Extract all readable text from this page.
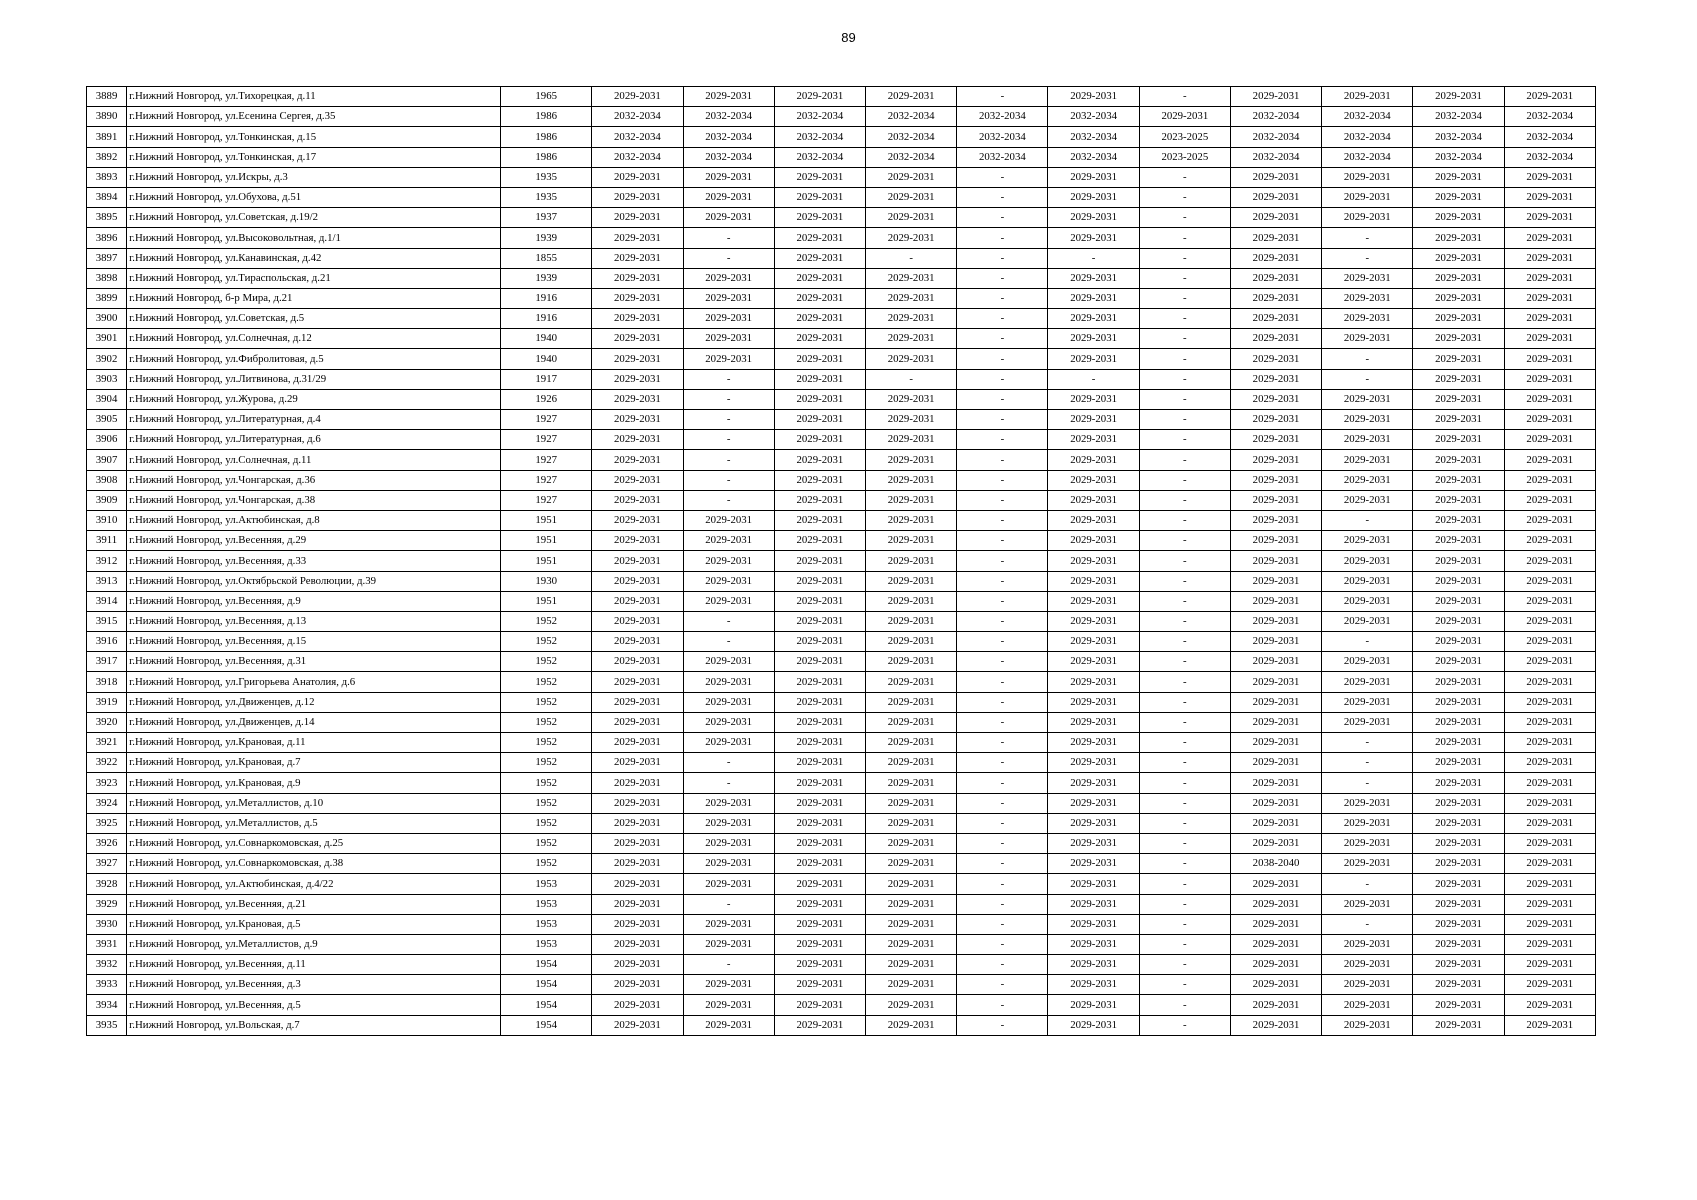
89
3889	г.Нижний Новгород, ул.Тихорецкая, д.11	1965	2029-2031	2029-2031	2029-2031	2029-2031	-	2029-2031	-	2029-2031	2029-2031	2029-2031	2029-2031
3890	г.Нижний Новгород, ул.Есенина Сергея, д.35	1986	2032-2034	2032-2034	2032-2034	2032-2034	2032-2034	2032-2034	2029-2031	2032-2034	2032-2034	2032-2034	2032-2034
3891	г.Нижний Новгород, ул.Тонкинская, д.15	1986	2032-2034	2032-2034	2032-2034	2032-2034	2032-2034	2032-2034	2023-2025	2032-2034	2032-2034	2032-2034	2032-2034
3892	г.Нижний Новгород, ул.Тонкинская, д.17	1986	2032-2034	2032-2034	2032-2034	2032-2034	2032-2034	2032-2034	2023-2025	2032-2034	2032-2034	2032-2034	2032-2034
3893	г.Нижний Новгород, ул.Искры, д.3	1935	2029-2031	2029-2031	2029-2031	2029-2031	-	2029-2031	-	2029-2031	2029-2031	2029-2031	2029-2031
3894	г.Нижний Новгород, ул.Обухова, д.51	1935	2029-2031	2029-2031	2029-2031	2029-2031	-	2029-2031	-	2029-2031	2029-2031	2029-2031	2029-2031
3895	г.Нижний Новгород, ул.Советская, д.19/2	1937	2029-2031	2029-2031	2029-2031	2029-2031	-	2029-2031	-	2029-2031	2029-2031	2029-2031	2029-2031
3896	г.Нижний Новгород, ул.Высоковольтная, д.1/1	1939	2029-2031	-	2029-2031	2029-2031	-	2029-2031	-	2029-2031	-	2029-2031	2029-2031
3897	г.Нижний Новгород, ул.Канавинская, д.42	1855	2029-2031	-	2029-2031	-	-	-	-	2029-2031	-	2029-2031	2029-2031
3898	г.Нижний Новгород, ул.Тираспольская, д.21	1939	2029-2031	2029-2031	2029-2031	2029-2031	-	2029-2031	-	2029-2031	2029-2031	2029-2031	2029-2031
3899	г.Нижний Новгород, б-р Мира, д.21	1916	2029-2031	2029-2031	2029-2031	2029-2031	-	2029-2031	-	2029-2031	2029-2031	2029-2031	2029-2031
3900	г.Нижний Новгород, ул.Советская, д.5	1916	2029-2031	2029-2031	2029-2031	2029-2031	-	2029-2031	-	2029-2031	2029-2031	2029-2031	2029-2031
3901	г.Нижний Новгород, ул.Солнечная, д.12	1940	2029-2031	2029-2031	2029-2031	2029-2031	-	2029-2031	-	2029-2031	2029-2031	2029-2031	2029-2031
3902	г.Нижний Новгород, ул.Фибролитовая, д.5	1940	2029-2031	2029-2031	2029-2031	2029-2031	-	2029-2031	-	2029-2031	-	2029-2031	2029-2031
3903	г.Нижний Новгород, ул.Литвинова, д.31/29	1917	2029-2031	-	2029-2031	-	-	-	-	2029-2031	-	2029-2031	2029-2031
3904	г.Нижний Новгород, ул.Журова, д.29	1926	2029-2031	-	2029-2031	2029-2031	-	2029-2031	-	2029-2031	2029-2031	2029-2031	2029-2031
3905	г.Нижний Новгород, ул.Литературная, д.4	1927	2029-2031	-	2029-2031	2029-2031	-	2029-2031	-	2029-2031	2029-2031	2029-2031	2029-2031
3906	г.Нижний Новгород, ул.Литературная, д.6	1927	2029-2031	-	2029-2031	2029-2031	-	2029-2031	-	2029-2031	2029-2031	2029-2031	2029-2031
3907	г.Нижний Новгород, ул.Солнечная, д.11	1927	2029-2031	-	2029-2031	2029-2031	-	2029-2031	-	2029-2031	2029-2031	2029-2031	2029-2031
3908	г.Нижний Новгород, ул.Чонгарская, д.36	1927	2029-2031	-	2029-2031	2029-2031	-	2029-2031	-	2029-2031	2029-2031	2029-2031	2029-2031
3909	г.Нижний Новгород, ул.Чонгарская, д.38	1927	2029-2031	-	2029-2031	2029-2031	-	2029-2031	-	2029-2031	2029-2031	2029-2031	2029-2031
3910	г.Нижний Новгород, ул.Актюбинская, д.8	1951	2029-2031	2029-2031	2029-2031	2029-2031	-	2029-2031	-	2029-2031	-	2029-2031	2029-2031
3911	г.Нижний Новгород, ул.Весенняя, д.29	1951	2029-2031	2029-2031	2029-2031	2029-2031	-	2029-2031	-	2029-2031	2029-2031	2029-2031	2029-2031
3912	г.Нижний Новгород, ул.Весенняя, д.33	1951	2029-2031	2029-2031	2029-2031	2029-2031	-	2029-2031	-	2029-2031	2029-2031	2029-2031	2029-2031
3913	г.Нижний Новгород, ул.Октябрьской Революции, д.39	1930	2029-2031	2029-2031	2029-2031	2029-2031	-	2029-2031	-	2029-2031	2029-2031	2029-2031	2029-2031
3914	г.Нижний Новгород, ул.Весенняя, д.9	1951	2029-2031	2029-2031	2029-2031	2029-2031	-	2029-2031	-	2029-2031	2029-2031	2029-2031	2029-2031
3915	г.Нижний Новгород, ул.Весенняя, д.13	1952	2029-2031	-	2029-2031	2029-2031	-	2029-2031	-	2029-2031	2029-2031	2029-2031	2029-2031
3916	г.Нижний Новгород, ул.Весенняя, д.15	1952	2029-2031	-	2029-2031	2029-2031	-	2029-2031	-	2029-2031	-	2029-2031	2029-2031
3917	г.Нижний Новгород, ул.Весенняя, д.31	1952	2029-2031	2029-2031	2029-2031	2029-2031	-	2029-2031	-	2029-2031	2029-2031	2029-2031	2029-2031
3918	г.Нижний Новгород, ул.Григорьева Анатолия, д.6	1952	2029-2031	2029-2031	2029-2031	2029-2031	-	2029-2031	-	2029-2031	2029-2031	2029-2031	2029-2031
3919	г.Нижний Новгород, ул.Движенцев, д.12	1952	2029-2031	2029-2031	2029-2031	2029-2031	-	2029-2031	-	2029-2031	2029-2031	2029-2031	2029-2031
3920	г.Нижний Новгород, ул.Движенцев, д.14	1952	2029-2031	2029-2031	2029-2031	2029-2031	-	2029-2031	-	2029-2031	2029-2031	2029-2031	2029-2031
3921	г.Нижний Новгород, ул.Крановая, д.11	1952	2029-2031	2029-2031	2029-2031	2029-2031	-	2029-2031	-	2029-2031	-	2029-2031	2029-2031
3922	г.Нижний Новгород, ул.Крановая, д.7	1952	2029-2031	-	2029-2031	2029-2031	-	2029-2031	-	2029-2031	-	2029-2031	2029-2031
3923	г.Нижний Новгород, ул.Крановая, д.9	1952	2029-2031	-	2029-2031	2029-2031	-	2029-2031	-	2029-2031	-	2029-2031	2029-2031
3924	г.Нижний Новгород, ул.Металлистов, д.10	1952	2029-2031	2029-2031	2029-2031	2029-2031	-	2029-2031	-	2029-2031	2029-2031	2029-2031	2029-2031
3925	г.Нижний Новгород, ул.Металлистов, д.5	1952	2029-2031	2029-2031	2029-2031	2029-2031	-	2029-2031	-	2029-2031	2029-2031	2029-2031	2029-2031
3926	г.Нижний Новгород, ул.Совнаркомовская, д.25	1952	2029-2031	2029-2031	2029-2031	2029-2031	-	2029-2031	-	2029-2031	2029-2031	2029-2031	2029-2031
3927	г.Нижний Новгород, ул.Совнаркомовская, д.38	1952	2029-2031	2029-2031	2029-2031	2029-2031	-	2029-2031	-	2038-2040	2029-2031	2029-2031	2029-2031
3928	г.Нижний Новгород, ул.Актюбинская, д.4/22	1953	2029-2031	2029-2031	2029-2031	2029-2031	-	2029-2031	-	2029-2031	-	2029-2031	2029-2031
3929	г.Нижний Новгород, ул.Весенняя, д.21	1953	2029-2031	-	2029-2031	2029-2031	-	2029-2031	-	2029-2031	2029-2031	2029-2031	2029-2031
3930	г.Нижний Новгород, ул.Крановая, д.5	1953	2029-2031	2029-2031	2029-2031	2029-2031	-	2029-2031	-	2029-2031	-	2029-2031	2029-2031
3931	г.Нижний Новгород, ул.Металлистов, д.9	1953	2029-2031	2029-2031	2029-2031	2029-2031	-	2029-2031	-	2029-2031	2029-2031	2029-2031	2029-2031
3932	г.Нижний Новгород, ул.Весенняя, д.11	1954	2029-2031	-	2029-2031	2029-2031	-	2029-2031	-	2029-2031	2029-2031	2029-2031	2029-2031
3933	г.Нижний Новгород, ул.Весенняя, д.3	1954	2029-2031	2029-2031	2029-2031	2029-2031	-	2029-2031	-	2029-2031	2029-2031	2029-2031	2029-2031
3934	г.Нижний Новгород, ул.Весенняя, д.5	1954	2029-2031	2029-2031	2029-2031	2029-2031	-	2029-2031	-	2029-2031	2029-2031	2029-2031	2029-2031
3935	г.Нижний Новгород, ул.Вольская, д.7	1954	2029-2031	2029-2031	2029-2031	2029-2031	-	2029-2031	-	2029-2031	2029-2031	2029-2031	2029-2031
